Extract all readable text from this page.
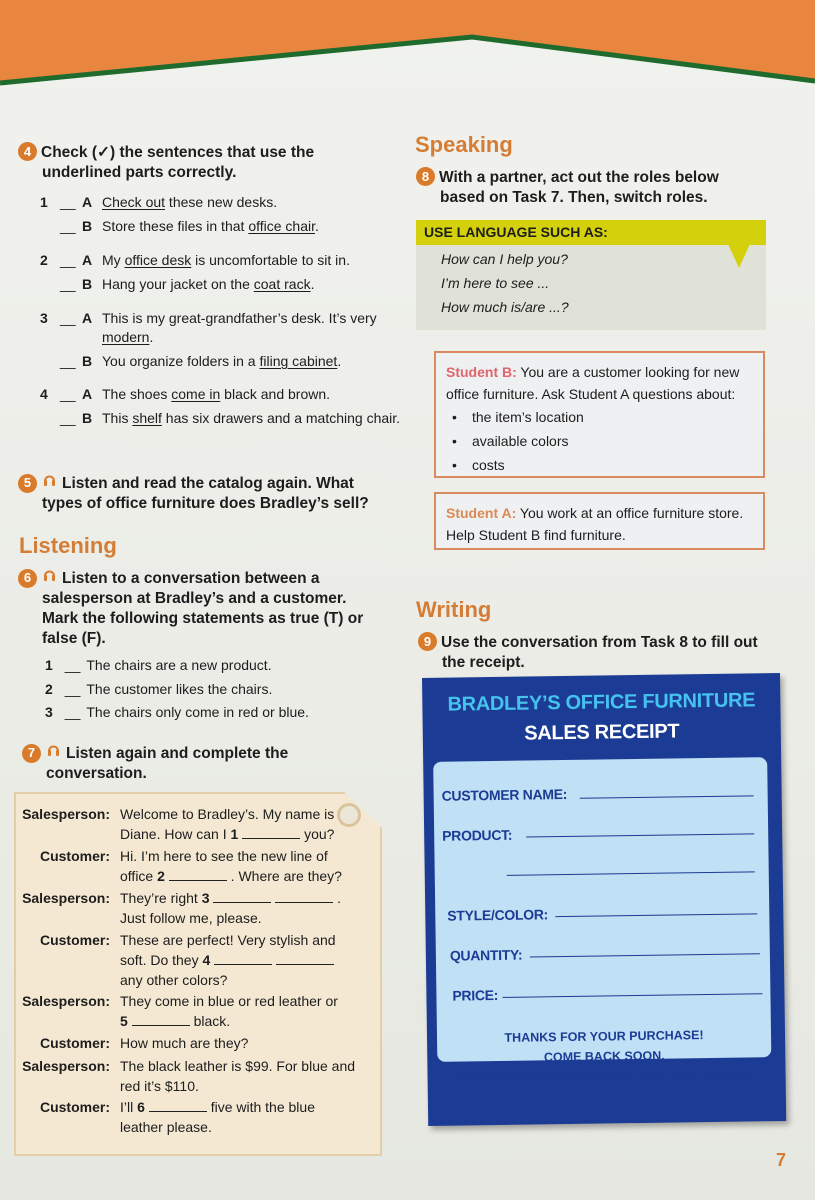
4 Check (✓) the sentences that use the
underlined parts correctly.
1 __ A Check out these new desks.
__ B Store these files in that office chair.
2 __ A My office desk is uncomfortable to sit in.
__ B Hang your jacket on the coat rack.
3 __ A This is my great-grandfather’s desk. It’s very modern.
__ B You organize folders in a filing cabinet.
4 __ A The shoes come in black and brown.
__ B This shelf has six drawers and a matching chair.
5 Listen and read the catalog again. What
types of office furniture does Bradley’s sell?
Listening
6 Listen to a conversation between a
salesperson at Bradley’s and a customer.
Mark the following statements as true (T) or
false (F).
1 __ The chairs are a new product.
2 __ The customer likes the chairs.
3 __ The chairs only come in red or blue.
7 Listen again and complete the
conversation.
Salesperson: Welcome to Bradley’s. My name is
Diane. How can I 1	you?
Customer: Hi. I’m here to see the new line of
office 2	. Where are they?
Salesperson: They’re right 3	.
Just follow me, please.
Customer: These are perfect! Very stylish and
soft. Do they 4
any other colors?
Salesperson: They come in blue or red leather or
5	black.
Customer: How much are they?
Salesperson: The black leather is $99. For blue and
red it’s $110.
Customer: I’ll 6	five with the blue
leather please.
Speaking
8 With a partner, act out the roles below
based on Task 7. Then, switch roles.
USE LANGUAGE SUCH AS:
How can I help you?
I’m here to see ...
How much is/are ...?
Student B: You are a customer looking for new office furniture. Ask Student A questions about:
• the item’s location
• available colors
• costs
Student A: You work at an office furniture store. Help Student B find furniture.
Writing
9 Use the conversation from Task 8 to fill out
the receipt.
BRADLEY’S OFFICE FURNITURE
SALES RECEIPT
CUSTOMER NAME:
PRODUCT:
STYLE/COLOR:
QUANTITY:
PRICE:
THANKS FOR YOUR PURCHASE!
COME BACK SOON.
7
